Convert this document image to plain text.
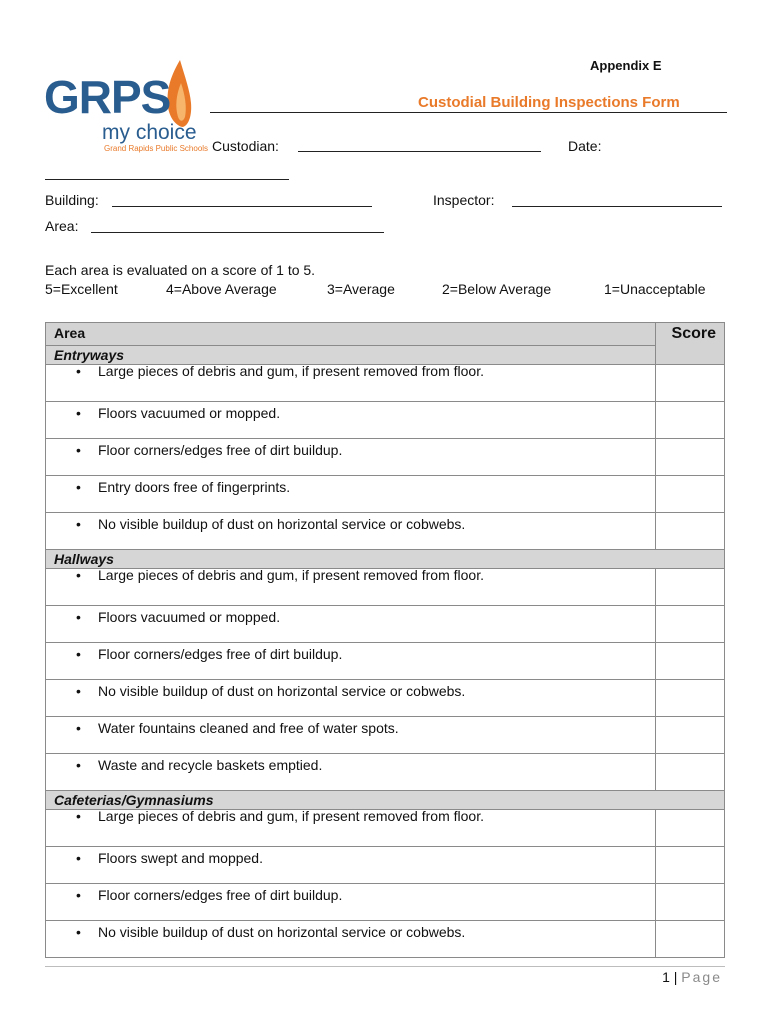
Appendix E
GRPS
my choice
Grand Rapids Public Schools
Custodial Building Inspections Form
Custodian:	Date:
Building:	Inspector:
Area:
Each area is evaluated on a score of 1 to 5.
5=Excellent	4=Above Average	3=Average	2=Below Average	1=Unacceptable
Area	Score
Entryways	

• Large pieces of debris and gum, if present removed from floor.	

• Floors vacuumed or mopped.	

• Floor corners/edges free of dirt buildup.	

• Entry doors free of fingerprints.	

• No visible buildup of dust on horizontal service or cobwebs.	

Hallways	

• Large pieces of debris and gum, if present removed from floor.	

• Floors vacuumed or mopped.	

• Floor corners/edges free of dirt buildup.	

• No visible buildup of dust on horizontal service or cobwebs.	

• Water fountains cleaned and free of water spots.	

• Waste and recycle baskets emptied.	

Cafeterias/Gymnasiums	

• Large pieces of debris and gum, if present removed from floor.	

• Floors swept and mopped.	

• Floor corners/edges free of dirt buildup.	

• No visible buildup of dust on horizontal service or cobwebs.	

1 | Page
